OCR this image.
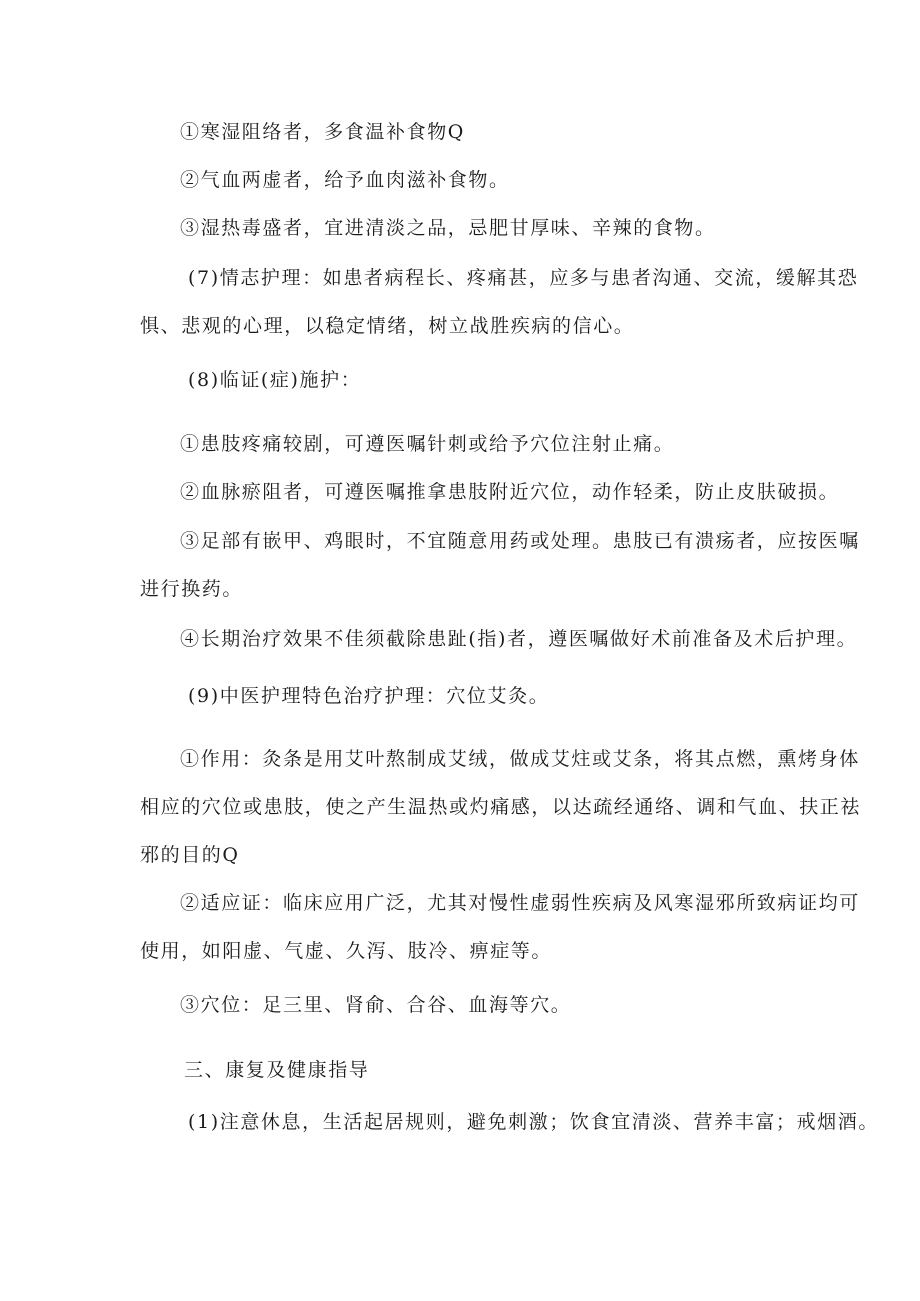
①寒湿阻络者，多食温补食物Q
②气血两虚者，给予血肉滋补食物。
③湿热毒盛者，宜进清淡之品，忌肥甘厚味、辛辣的食物。
(7)情志护理：如患者病程长、疼痛甚，应多与患者沟通、交流，缓解其恐
惧、悲观的心理，以稳定情绪，树立战胜疾病的信心。
(8)临证(症)施护：
①患肢疼痛较剧，可遵医嘱针刺或给予穴位注射止痛。
②血脉瘀阻者，可遵医嘱推拿患肢附近穴位，动作轻柔，防止皮肤破损。
③足部有嵌甲、鸡眼时，不宜随意用药或处理。患肢已有溃疡者，应按医嘱
进行换药。
④长期治疗效果不佳须截除患趾(指)者，遵医嘱做好术前准备及术后护理。
(9)中医护理特色治疗护理：穴位艾灸。
①作用：灸条是用艾叶熬制成艾绒，做成艾炷或艾条，将其点燃，熏烤身体
相应的穴位或患肢，使之产生温热或灼痛感，以达疏经通络、调和气血、扶正祛
邪的目的Q
②适应证：临床应用广泛，尤其对慢性虚弱性疾病及风寒湿邪所致病证均可
使用，如阳虚、气虚、久泻、肢冷、痹症等。
③穴位：足三里、肾俞、合谷、血海等穴。
三、康复及健康指导
(1)注意休息，生活起居规则，避免刺激；饮食宜清淡、营养丰富；戒烟酒。
